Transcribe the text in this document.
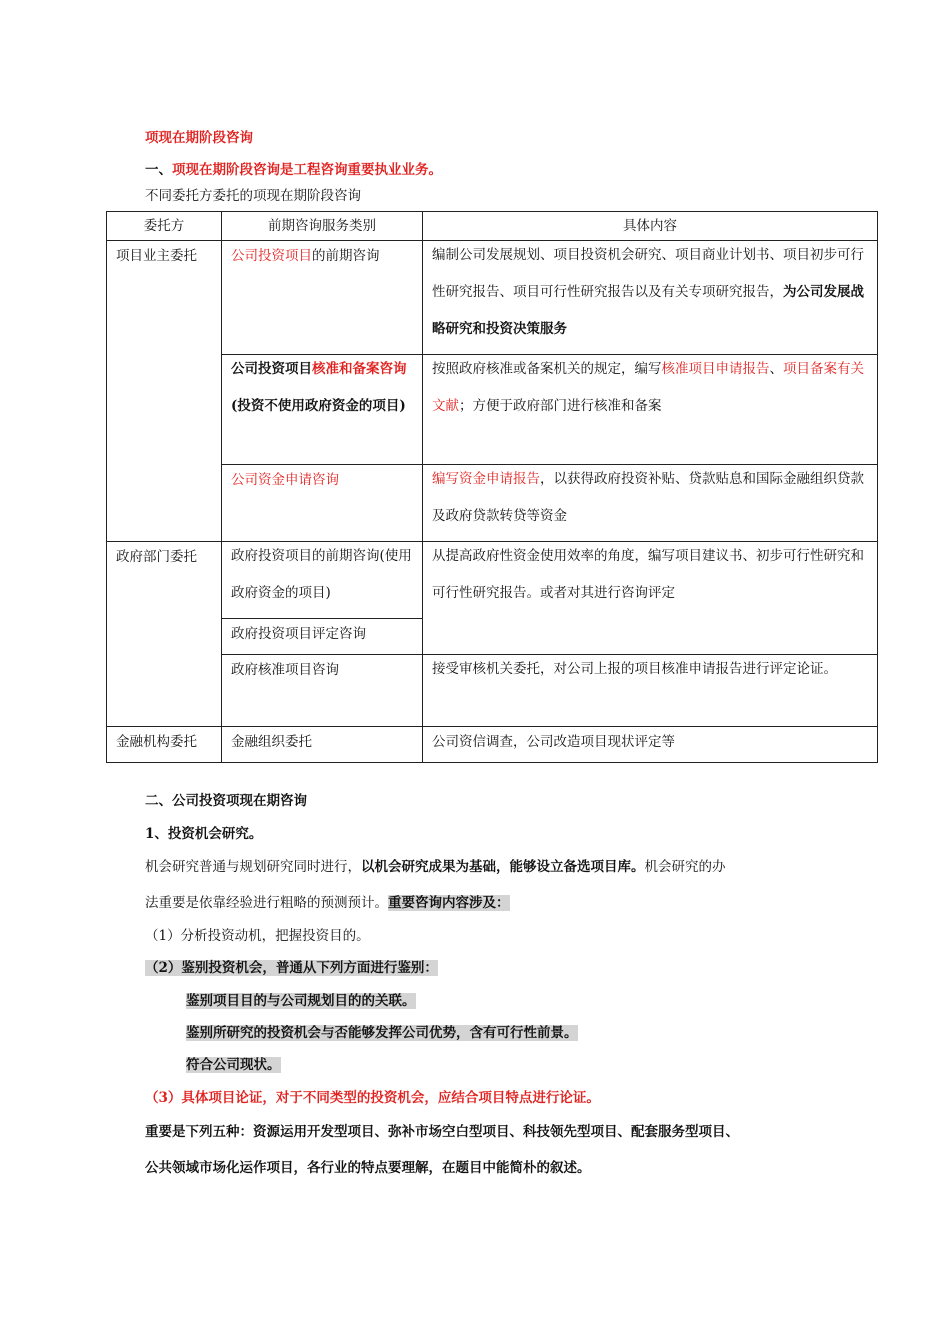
项现在期阶段咨询
一、项现在期阶段咨询是工程咨询重要执业业务。
不同委托方委托的项现在期阶段咨询
委托方	前期咨询服务类别	具体内容
项目业主委托	公司投资项目的前期咨询	编制公司发展规划、项目投资机会研究、项目商业计划书、项目初步可行性研究报告、项目可行性研究报告以及有关专项研究报告，为公司发展战略研究和投资决策服务

	公司投资项目核准和备案咨询(投资不使用政府资金的项目)	按照政府核准或备案机关的规定，编写核准项目申请报告、项目备案有关文献；方便于政府部门进行核准和备案

	公司资金申请咨询	编写资金申请报告，以获得政府投资补贴、贷款贴息和国际金融组织贷款及政府贷款转贷等资金

政府部门委托	政府投资项目的前期咨询(使用政府资金的项目)	从提高政府性资金使用效率的角度，编写项目建议书、初步可行性研究和可行性研究报告。或者对其进行咨询评定

	政府投资项目评定咨询	
	政府核准项目咨询	接受审核机关委托，对公司上报的项目核准申请报告进行评定论证。

金融机构委托	金融组织委托	公司资信调查，公司改造项目现状评定等
二、公司投资项现在期咨询
1、投资机会研究。
机会研究普通与规划研究同时进行，以机会研究成果为基础，能够设立备选项目库。机会研究的办
法重要是依靠经验进行粗略的预测预计。重要咨询内容涉及：
（1）分析投资动机，把握投资目的。
（2）鉴别投资机会，普通从下列方面进行鉴别：
鉴别项目目的与公司规划目的的关联。
鉴别所研究的投资机会与否能够发挥公司优势，含有可行性前景。
符合公司现状。
（3）具体项目论证，对于不同类型的投资机会，应结合项目特点进行论证。
重要是下列五种：资源运用开发型项目、弥补市场空白型项目、科技领先型项目、配套服务型项目、
公共领域市场化运作项目，各行业的特点要理解，在题目中能简朴的叙述。
